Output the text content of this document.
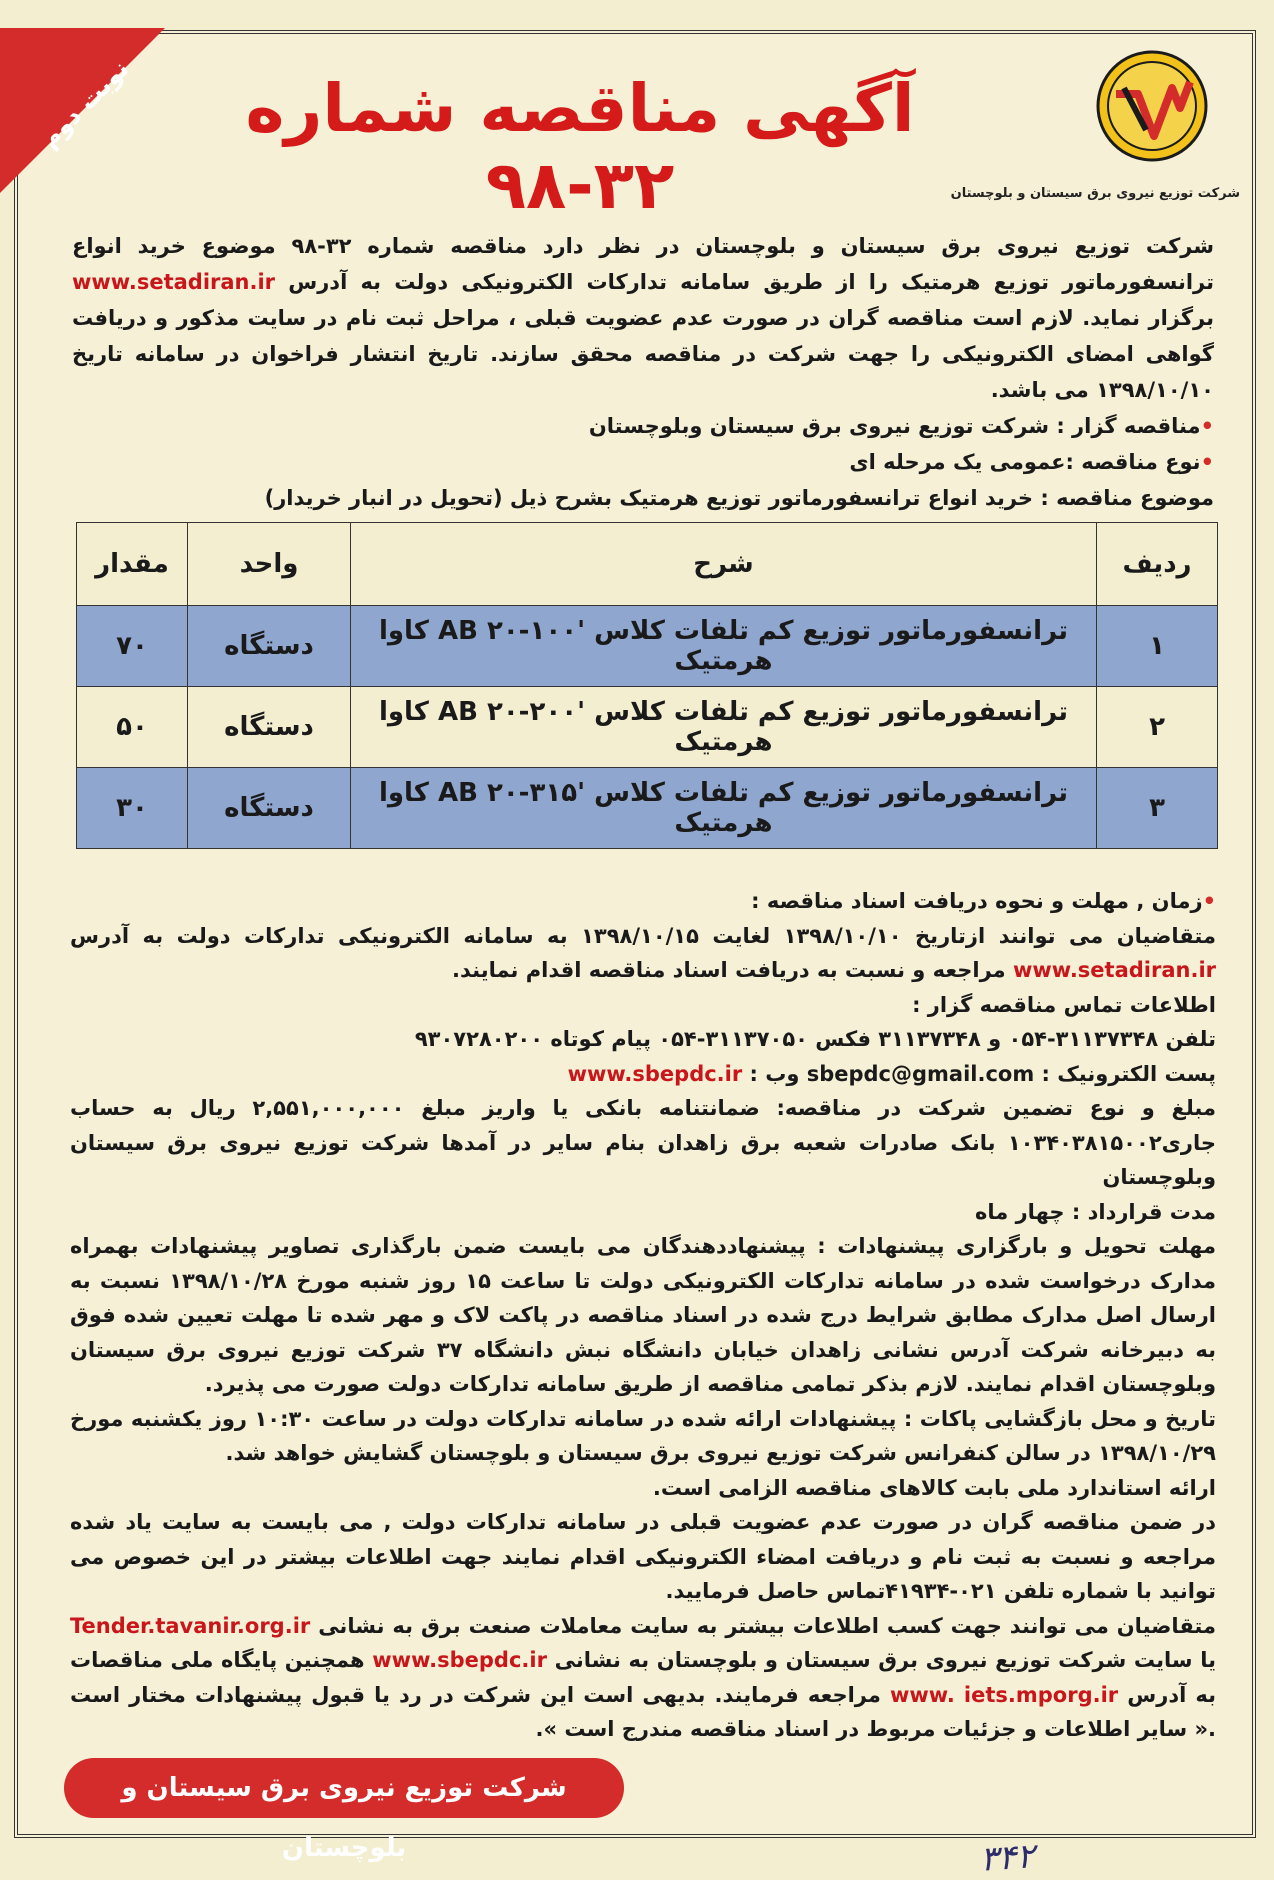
نوبت دوم	آگهی مناقصه شماره ۳۲-۹۸	شرکت توزیع نیروی برق سیستان و بلوچستان

شرکت توزیع نیروی برق سیستان و بلوچستان در نظر دارد مناقصه شماره ۳۲-۹۸ موضوع خرید انواع ترانسفورماتور توزیع هرمتیک را از طریق سامانه تدارکات الکترونیکی دولت به آدرس www.setadiran.ir برگزار نماید. لازم است مناقصه گران در صورت عدم عضویت قبلی ، مراحل ثبت نام در سایت مذکور و دریافت گواهی امضای الکترونیکی را جهت شرکت در مناقصه محقق سازند. تاریخ انتشار فراخوان در سامانه تاریخ ۱۳۹۸/۱۰/۱۰ می باشد.

•مناقصه گزار : شرکت توزیع نیروی برق سیستان وبلوچستان

•نوع مناقصه :عمومی یک مرحله ای

موضوع مناقصه : خرید انواع ترانسفورماتور توزیع هرمتیک بشرح ذیل (تحویل در انبار خریدار)

ردیف	شرح	واحد	مقدار
۱	ترانسفورماتور توزیع کم تلفات کلاس 'AB ۲۰-۱۰۰ کاوا هرمتیک	دستگاه	۷۰
۲	ترانسفورماتور توزیع کم تلفات کلاس 'AB ۲۰-۲۰۰ کاوا هرمتیک	دستگاه	۵۰
۳	ترانسفورماتور توزیع کم تلفات کلاس 'AB ۲۰-۳۱۵ کاوا هرمتیک	دستگاه	۳۰

•زمان , مهلت و نحوه دریافت اسناد مناقصه :

متقاضیان می توانند ازتاریخ ۱۳۹۸/۱۰/۱۰ لغایت ۱۳۹۸/۱۰/۱۵ به سامانه الکترونیکی تدارکات دولت به آدرس www.setadiran.ir مراجعه و نسبت به دریافت اسناد مناقصه اقدام نمایند.

اطلاعات تماس مناقصه گزار :

تلفن ۳۱۱۳۷۳۴۸-۰۵۴ و ۳۱۱۳۷۳۴۸ فکس ۳۱۱۳۷۰۵۰-۰۵۴ پیام کوتاه ۹۳۰۷۲۸۰۲۰۰

پست الکترونیک : sbepdc@gmail.com وب : www.sbepdc.ir

مبلغ و نوع تضمین شرکت در مناقصه: ضمانتنامه بانکی یا واریز مبلغ ۲,۵۵۱,۰۰۰,۰۰۰ ریال به حساب جاری۱۰۳۴۰۳۸۱۵۰۰۲ بانک صادرات شعبه برق زاهدان بنام سایر در آمدها شرکت توزیع نیروی برق سیستان وبلوچستان

مدت قرارداد : چهار ماه

مهلت تحویل و بارگزاری پیشنهادات : پیشنهاددهندگان می بایست ضمن بارگذاری تصاویر پیشنهادات بهمراه مدارک درخواست شده در سامانه تدارکات الکترونیکی دولت تا ساعت ۱۵ روز شنبه مورخ ۱۳۹۸/۱۰/۲۸ نسبت به ارسال اصل مدارک مطابق شرایط درج شده در اسناد مناقصه در پاکت لاک و مهر شده تا مهلت تعیین شده فوق به دبیرخانه شرکت آدرس نشانی زاهدان خیابان دانشگاه نبش دانشگاه ۳۷ شرکت توزیع نیروی برق سیستان وبلوچستان اقدام نمایند. لازم بذکر تمامی مناقصه از طریق سامانه تدارکات دولت صورت می پذیرد.

تاریخ و محل بازگشایی پاکات : پیشنهادات ارائه شده در سامانه تدارکات دولت در ساعت ۱۰:۳۰ روز یکشنبه مورخ ۱۳۹۸/۱۰/۲۹ در سالن کنفرانس شرکت توزیع نیروی برق سیستان و بلوچستان گشایش خواهد شد.

ارائه استاندارد ملی بابت کالاهای مناقصه الزامی است.

در ضمن مناقصه گران در صورت عدم عضویت قبلی در سامانه تدارکات دولت , می بایست به سایت یاد شده مراجعه و نسبت به ثبت نام و دریافت امضاء الکترونیکی اقدام نمایند جهت اطلاعات بیشتر در این خصوص می توانید با شماره تلفن ۰۲۱-۴۱۹۳۴تماس حاصل فرمایید.

متقاضیان می توانند جهت کسب اطلاعات بیشتر به سایت معاملات صنعت برق به نشانی Tender.tavanir.org.ir یا سایت شرکت توزیع نیروی برق سیستان و بلوچستان به نشانی www.sbepdc.ir همچنین پایگاه ملی مناقصات به آدرس www. iets.mporg.ir مراجعه فرمایند. بدیهی است این شرکت در رد یا قبول پیشنهادات مختار است .« سایر اطلاعات و جزئیات مربوط در اسناد مناقصه مندرج است ».

شرکت توزیع نیروی برق سیستان و بلوچستان	۳۴۲
